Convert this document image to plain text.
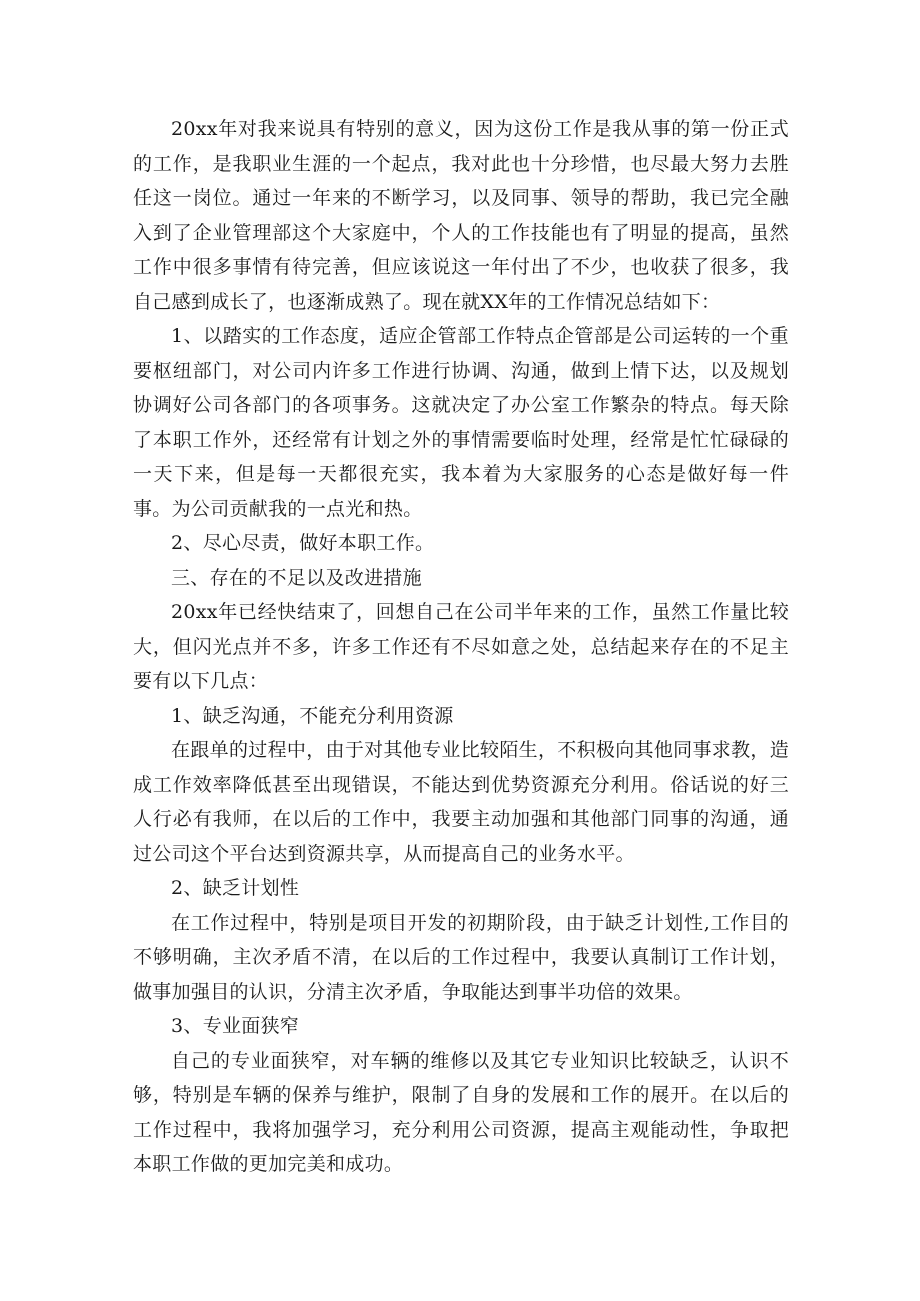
20xx年对我来说具有特别的意义，因为这份工作是我从事的第一份正式的工作，是我职业生涯的一个起点，我对此也十分珍惜，也尽最大努力去胜任这一岗位。通过一年来的不断学习，以及同事、领导的帮助，我已完全融入到了企业管理部这个大家庭中，个人的工作技能也有了明显的提高，虽然工作中很多事情有待完善，但应该说这一年付出了不少，也收获了很多，我自己感到成长了，也逐渐成熟了。现在就XX年的工作情况总结如下：

1、以踏实的工作态度，适应企管部工作特点企管部是公司运转的一个重要枢纽部门，对公司内许多工作进行协调、沟通，做到上情下达，以及规划协调好公司各部门的各项事务。这就决定了办公室工作繁杂的特点。每天除了本职工作外，还经常有计划之外的事情需要临时处理，经常是忙忙碌碌的一天下来，但是每一天都很充实，我本着为大家服务的心态是做好每一件事。为公司贡献我的一点光和热。

2、尽心尽责，做好本职工作。

三、存在的不足以及改进措施

20xx年已经快结束了，回想自己在公司半年来的工作，虽然工作量比较大，但闪光点并不多，许多工作还有不尽如意之处，总结起来存在的不足主要有以下几点：

1、缺乏沟通，不能充分利用资源

在跟单的过程中，由于对其他专业比较陌生，不积极向其他同事求教，造成工作效率降低甚至出现错误，不能达到优势资源充分利用。俗话说的好三人行必有我师，在以后的工作中，我要主动加强和其他部门同事的沟通，通过公司这个平台达到资源共享，从而提高自己的业务水平。

2、缺乏计划性

在工作过程中，特别是项目开发的初期阶段，由于缺乏计划性,工作目的不够明确，主次矛盾不清，在以后的工作过程中，我要认真制订工作计划，做事加强目的认识，分清主次矛盾，争取能达到事半功倍的效果。

3、专业面狭窄

自己的专业面狭窄，对车辆的维修以及其它专业知识比较缺乏，认识不够，特别是车辆的保养与维护，限制了自身的发展和工作的展开。在以后的工作过程中，我将加强学习，充分利用公司资源，提高主观能动性，争取把本职工作做的更加完美和成功。
